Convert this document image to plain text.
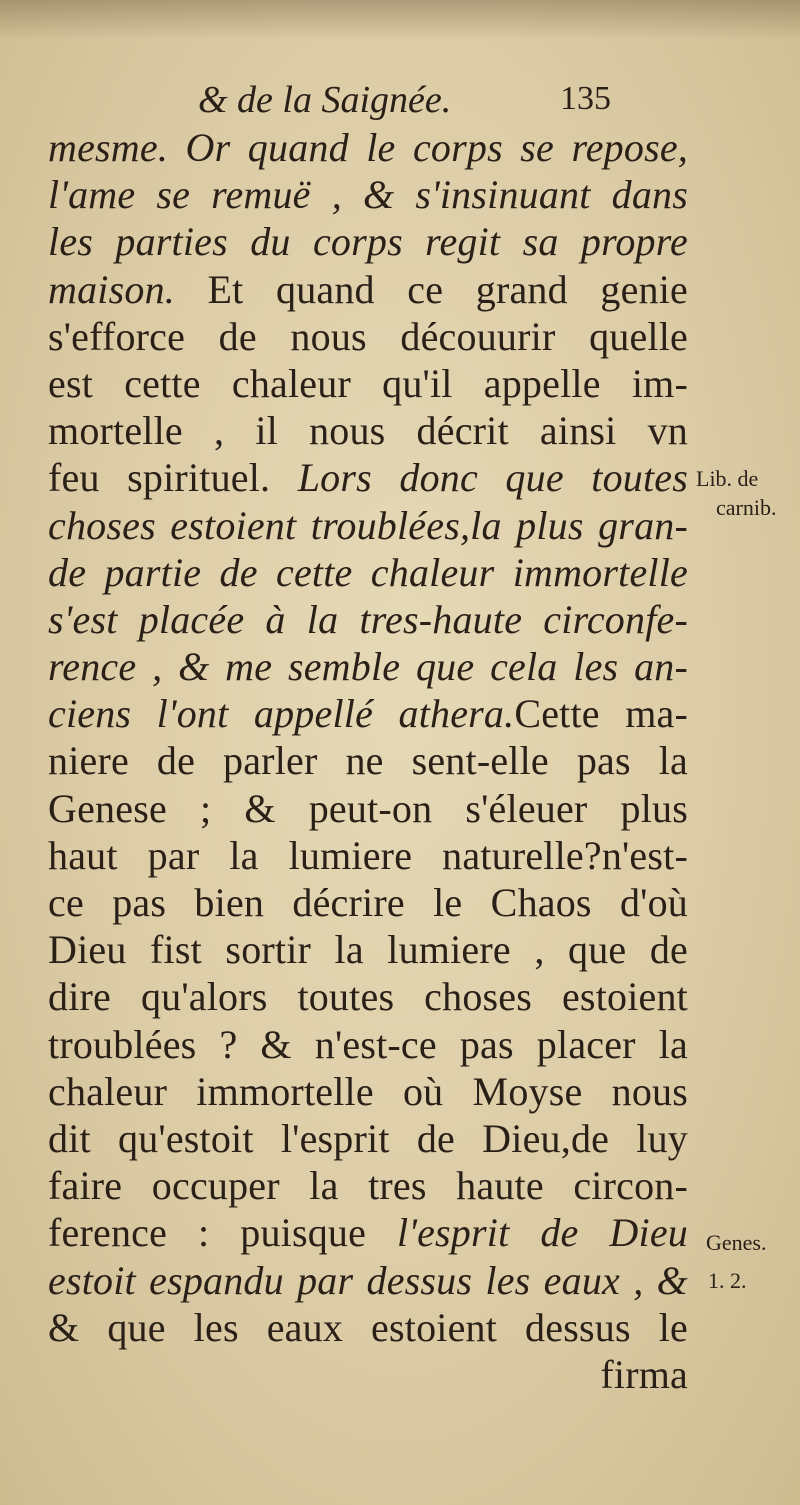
& de la Saignée.	135
mesme. Or quand le corps se repose,
l'ame se remuë , & s'insinuant dans
les parties du corps regit sa propre
maison. Et quand ce grand genie
s'efforce de nous découurir quelle
est cette chaleur qu'il appelle im-
mortelle , il nous décrit ainsi vn
feu spirituel. Lors donc que toutes
choses estoient troublées,la plus gran-
de partie de cette chaleur immortelle
s'est placée à la tres-haute circonfe-
rence , & me semble que cela les an-
ciens l'ont appellé athera.Cette ma-
niere de parler ne sent-elle pas la
Genese ; & peut-on s'éleuer plus
haut par la lumiere naturelle?n'est-
ce pas bien décrire le Chaos d'où
Dieu fist sortir la lumiere , que de
dire qu'alors toutes choses estoient
troublées ? & n'est-ce pas placer la
chaleur immortelle où Moyse nous
dit qu'estoit l'esprit de Dieu,de luy
faire occuper la tres haute circon-
ference : puisque l'esprit de Dieu
estoit espandu par dessus les eaux , &
& que les eaux estoient dessus le
firma
Lib. de
carnib.
Genes.
1. 2.
